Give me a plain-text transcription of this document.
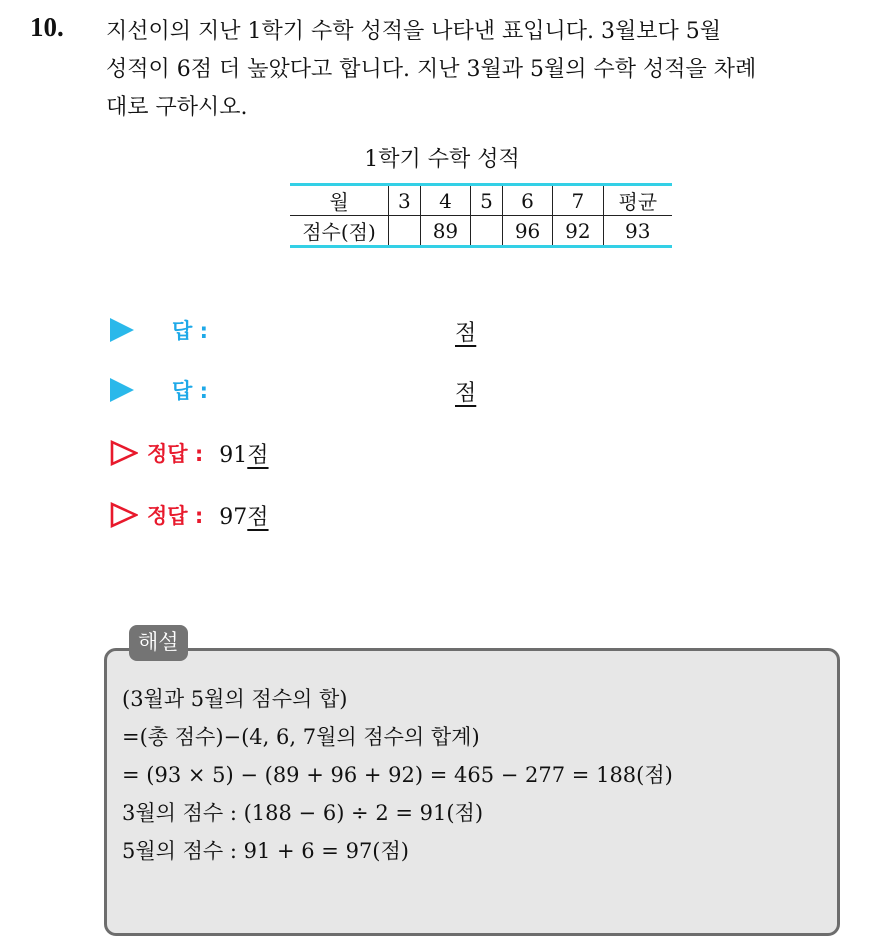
10. 지선이의 지난 1학기 수학 성적을 나타낸 표입니다. 3월보다 5월
성적이 6점 더 높았다고 합니다. 지난 3월과 5월의 수학 성적을 차례
대로 구하시오.
1학기 수학 성적
월	3	4	5	6	7	평균
점수(점)		89		96	92	93
답 :	점
답 :	점
정답 : 91점
정답 : 97점
해설
(3월과 5월의 점수의 합)
=(총 점수)−(4, 6, 7월의 점수의 합계)
= (93 × 5) − (89 + 96 + 92) = 465 − 277 = 188(점)
3월의 점수 : (188 − 6) ÷ 2 = 91(점)
5월의 점수 : 91 + 6 = 97(점)
